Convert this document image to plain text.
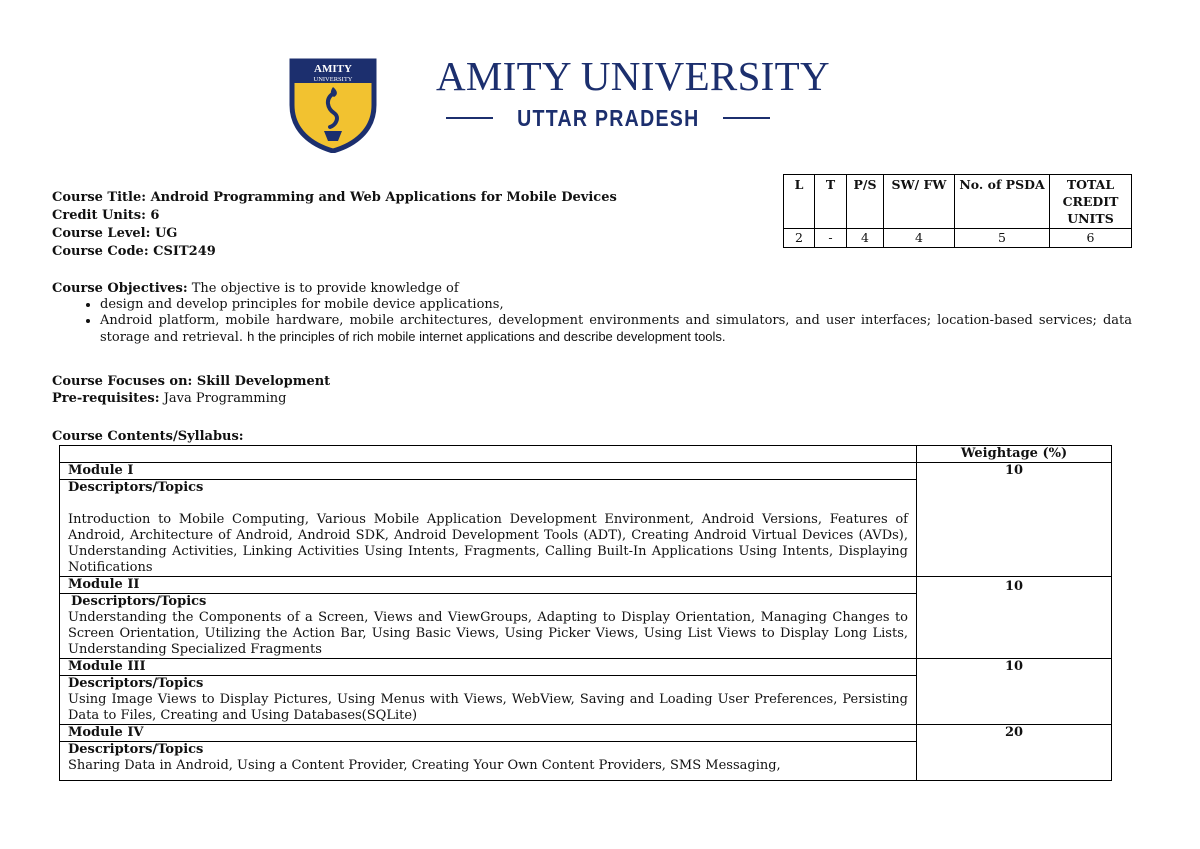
AMITY
UNIVERSITY AMITY UNIVERSITY
UTTAR PRADESH
Course Title: Android Programming and Web Applications for Mobile Devices
Credit Units: 6
Course Level: UG
Course Code: CSIT249
L	T	P/S	SW/ FW	No. of PSDA	TOTAL CREDIT UNITS
2	-	4	4	5	6
Course Objectives: The objective is to provide knowledge of
• design and develop principles for mobile device applications,
• Android platform, mobile hardware, mobile architectures, development environments and simulators, and user interfaces; location-based services; data storage and retrieval. h the principles of rich mobile internet applications and describe development tools.
Course Focuses on: Skill Development
Pre-requisites: Java Programming
Course Contents/Syllabus:
	Weightage (%)
Module I	10

Descriptors/Topics
Introduction to Mobile Computing, Various Mobile Application Development Environment, Android Versions, Features of Android, Architecture of Android, Android SDK, Android Development Tools (ADT), Creating Android Virtual Devices (AVDs), Understanding Activities, Linking Activities Using Intents, Fragments, Calling Built-In Applications Using Intents, Displaying Notifications	

Module II	10

Descriptors/Topics
Understanding the Components of a Screen, Views and ViewGroups, Adapting to Display Orientation, Managing Changes to Screen Orientation, Utilizing the Action Bar, Using Basic Views, Using Picker Views, Using List Views to Display Long Lists, Understanding Specialized Fragments	

Module III	10

Descriptors/Topics
Using Image Views to Display Pictures, Using Menus with Views, WebView, Saving and Loading User Preferences, Persisting Data to Files, Creating and Using Databases(SQLite)	

Module IV	20

Descriptors/Topics
Sharing Data in Android, Using a Content Provider, Creating Your Own Content Providers, SMS Messaging,	
